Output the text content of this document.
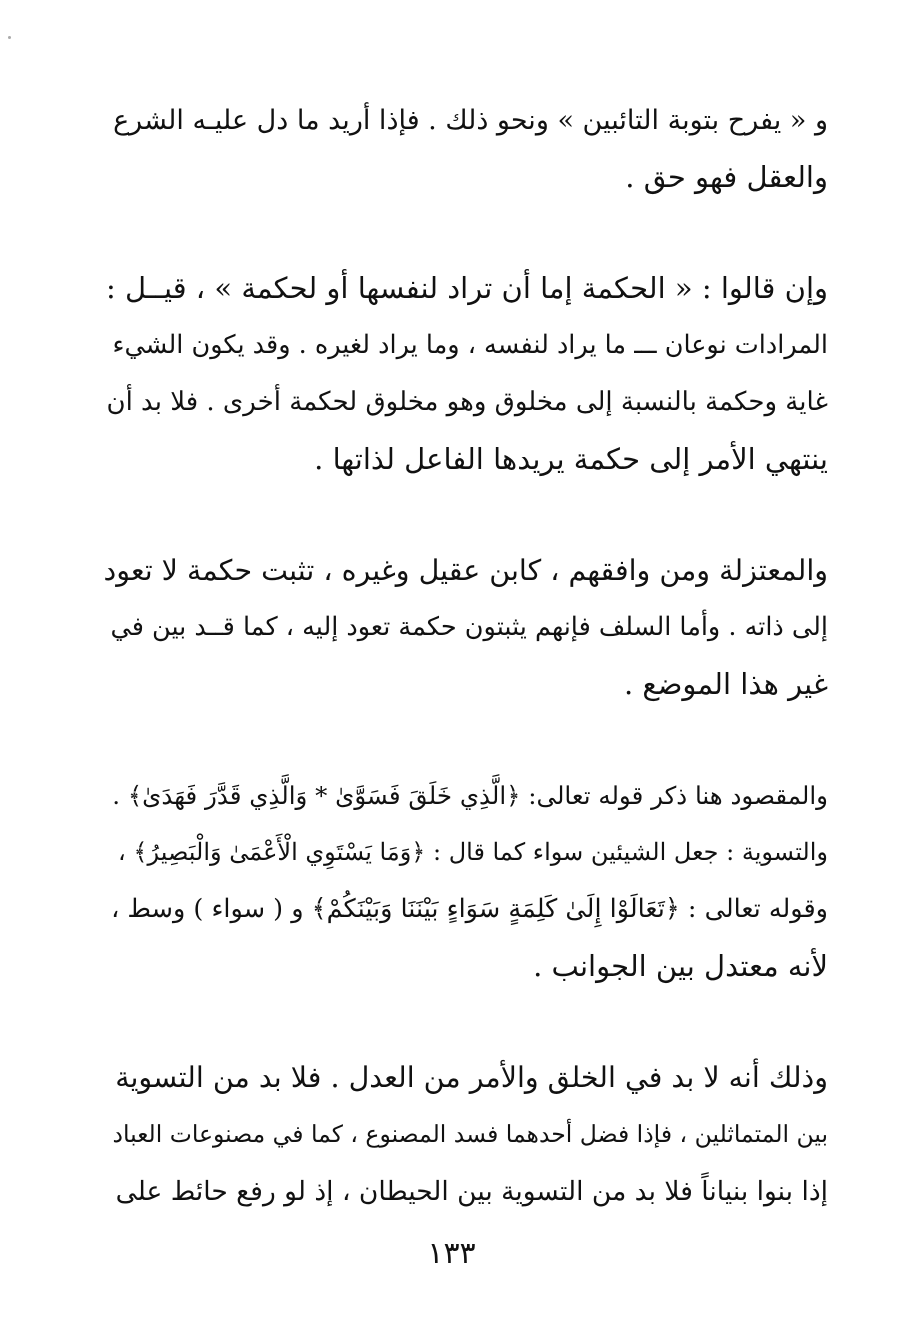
و « يفرح بتوبة التائبين » ونحو ذلك . فإذا أريد ما دل عليـه الشرع
والعقل فهو حق .
وإن قالوا : « الحكمة إما أن تراد لنفسها أو لحكمة » ، قيــل :
المرادات نوعان ـــ ما يراد لنفسه ، وما يراد لغيره . وقد يكون الشيء
غاية وحكمة بالنسبة إلى مخلوق وهو مخلوق لحكمة أخرى . فلا بد أن
ينتهي الأمر إلى حكمة يريدها الفاعل لذاتها .
والمعتزلة ومن وافقهم ، كابن عقيل وغيره ، تثبت حكمة لا تعود
إلى ذاته . وأما السلف فإنهم يثبتون حكمة تعود إليه ، كما قــد بين في
غير هذا الموضع .
والمقصود هنا ذكر قوله تعالى: ﴿الَّذِي خَلَقَ فَسَوَّىٰ * وَالَّذِي قَدَّرَ فَهَدَىٰ﴾ .
والتسوية : جعل الشيئين سواء كما قال : ﴿وَمَا يَسْتَوِي الْأَعْمَىٰ وَالْبَصِيرُ﴾ ،
وقوله تعالى : ﴿تَعَالَوْا إِلَىٰ كَلِمَةٍ سَوَاءٍ بَيْنَنَا وَبَيْنَكُمْ﴾ و ( سواء ) وسط ،
لأنه معتدل بين الجوانب .
وذلك أنه لا بد في الخلق والأمر من العدل . فلا بد من التسوية
بين المتماثلين ، فإذا فضل أحدهما فسد المصنوع ، كما في مصنوعات العباد
إذا بنوا بنياناً فلا بد من التسوية بين الحيطان ، إذ لو رفع حائط على
١٣٣
